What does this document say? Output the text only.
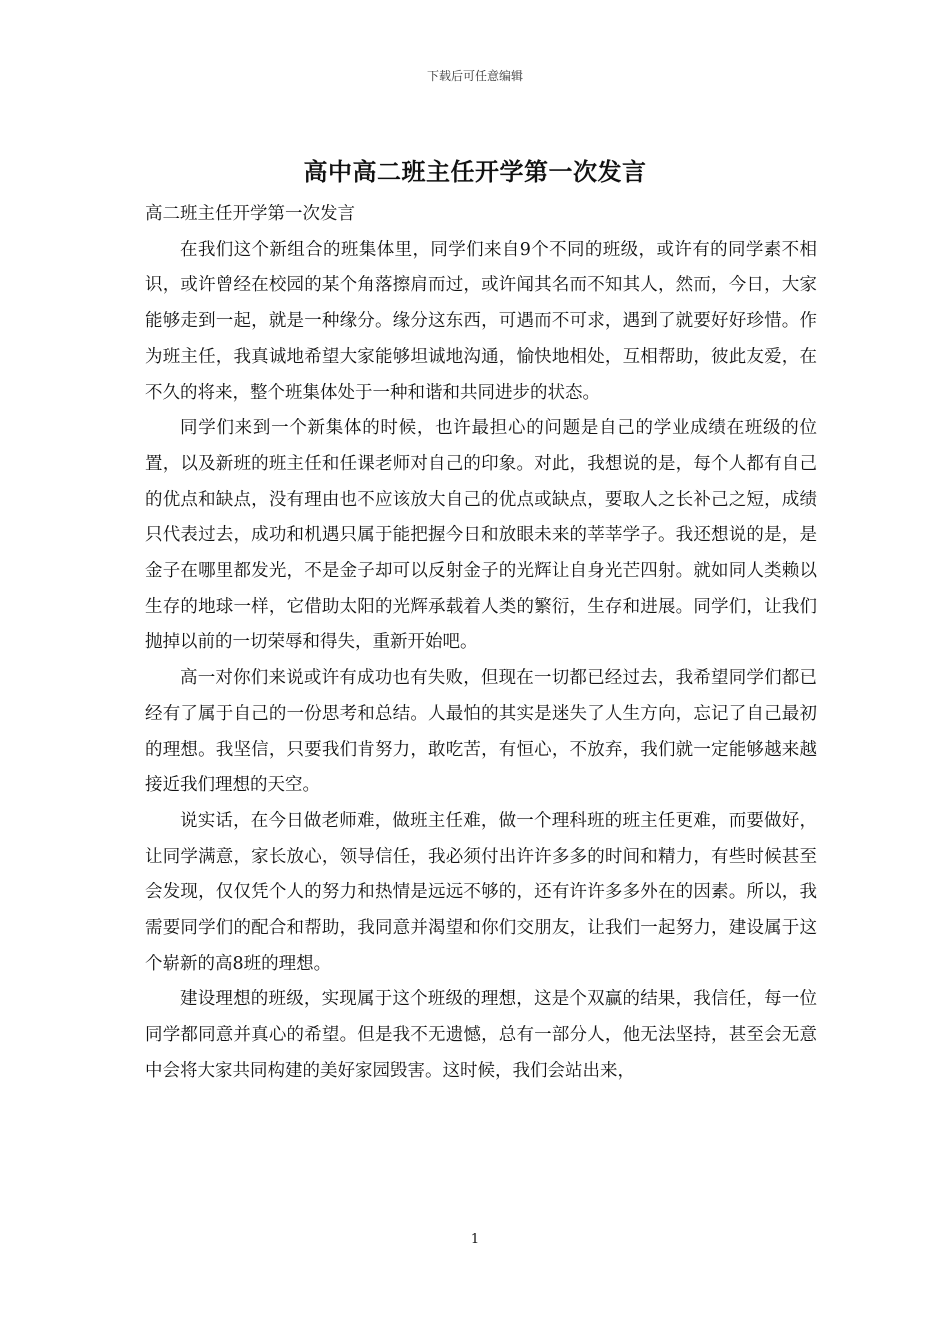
下载后可任意编辑
高中高二班主任开学第一次发言

高二班主任开学第一次发言

在我们这个新组合的班集体里，同学们来自9个不同的班级，或许有的同学素不相识，或许曾经在校园的某个角落擦肩而过，或许闻其名而不知其人，然而，今日，大家能够走到一起，就是一种缘分。缘分这东西，可遇而不可求，遇到了就要好好珍惜。作为班主任，我真诚地希望大家能够坦诚地沟通，愉快地相处，互相帮助，彼此友爱，在不久的将来，整个班集体处于一种和谐和共同进步的状态。

同学们来到一个新集体的时候，也许最担心的问题是自己的学业成绩在班级的位置，以及新班的班主任和任课老师对自己的印象。对此，我想说的是，每个人都有自己的优点和缺点，没有理由也不应该放大自己的优点或缺点，要取人之长补己之短，成绩只代表过去，成功和机遇只属于能把握今日和放眼未来的莘莘学子。我还想说的是，是金子在哪里都发光，不是金子却可以反射金子的光辉让自身光芒四射。就如同人类赖以生存的地球一样，它借助太阳的光辉承载着人类的繁衍，生存和进展。同学们，让我们抛掉以前的一切荣辱和得失，重新开始吧。

高一对你们来说或许有成功也有失败，但现在一切都已经过去，我希望同学们都已经有了属于自己的一份思考和总结。人最怕的其实是迷失了人生方向，忘记了自己最初的理想。我坚信，只要我们肯努力，敢吃苦，有恒心，不放弃，我们就一定能够越来越接近我们理想的天空。

说实话，在今日做老师难，做班主任难，做一个理科班的班主任更难，而要做好，让同学满意，家长放心，领导信任，我必须付出许许多多的时间和精力，有些时候甚至会发现，仅仅凭个人的努力和热情是远远不够的，还有许许多多外在的因素。所以，我需要同学们的配合和帮助，我同意并渴望和你们交朋友，让我们一起努力，建设属于这个崭新的高8班的理想。

建设理想的班级，实现属于这个班级的理想，这是个双赢的结果，我信任，每一位同学都同意并真心的希望。但是我不无遗憾，总有一部分人，他无法坚持，甚至会无意中会将大家共同构建的美好家园毁害。这时候，我们会站出来，

1
